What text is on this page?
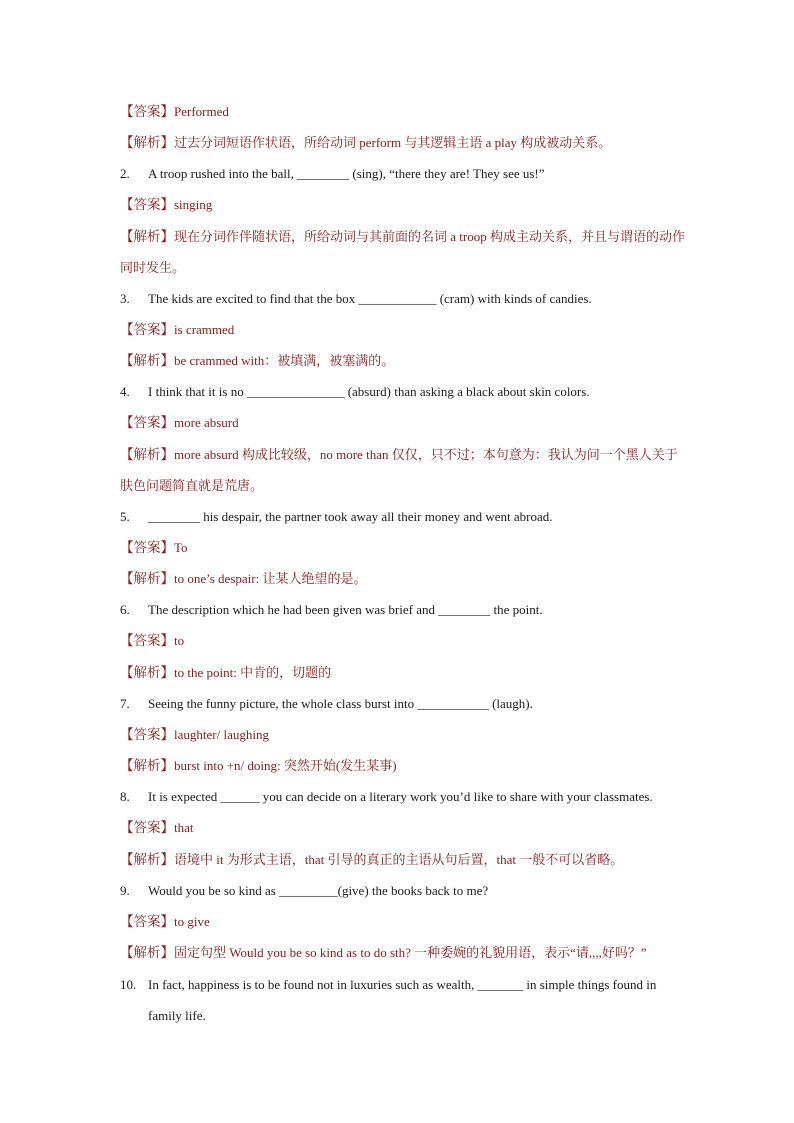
【答案】Performed
【解析】过去分词短语作状语，所给动词 perform 与其逻辑主语 a play 构成被动关系。
2. A troop rushed into the ball, ________ (sing), “there they are! They see us!”
【答案】singing
【解析】现在分词作伴随状语，所给动词与其前面的名词 a troop 构成主动关系，并且与谓语的动作
同时发生。
3. The kids are excited to find that the box ____________ (cram) with kinds of candies.
【答案】is crammed
【解析】be crammed with：被填满，被塞满的。
4. I think that it is no _______________ (absurd) than asking a black about skin colors.
【答案】more absurd
【解析】more absurd 构成比较级，no more than 仅仅，只不过；本句意为：我认为问一个黑人关于
肤色问题简直就是荒唐。
5. ________ his despair, the partner took away all their money and went abroad.
【答案】To
【解析】to one’s despair: 让某人绝望的是。
6. The description which he had been given was brief and ________ the point.
【答案】to
【解析】to the point: 中肯的，切题的
7. Seeing the funny picture, the whole class burst into ___________ (laugh).
【答案】laughter/ laughing
【解析】burst into +n/ doing: 突然开始(发生某事)
8. It is expected ______ you can decide on a literary work you’d like to share with your classmates.
【答案】that
【解析】语境中 it 为形式主语，that 引导的真正的主语从句后置，that 一般不可以省略。
9. Would you be so kind as _________(give) the books back to me?
【答案】to give
【解析】固定句型 Would you be so kind as to do sth? 一种委婉的礼貌用语，表示“请,,,,好吗？”
10. In fact, happiness is to be found not in luxuries such as wealth, _______ in simple things found in
family life.
